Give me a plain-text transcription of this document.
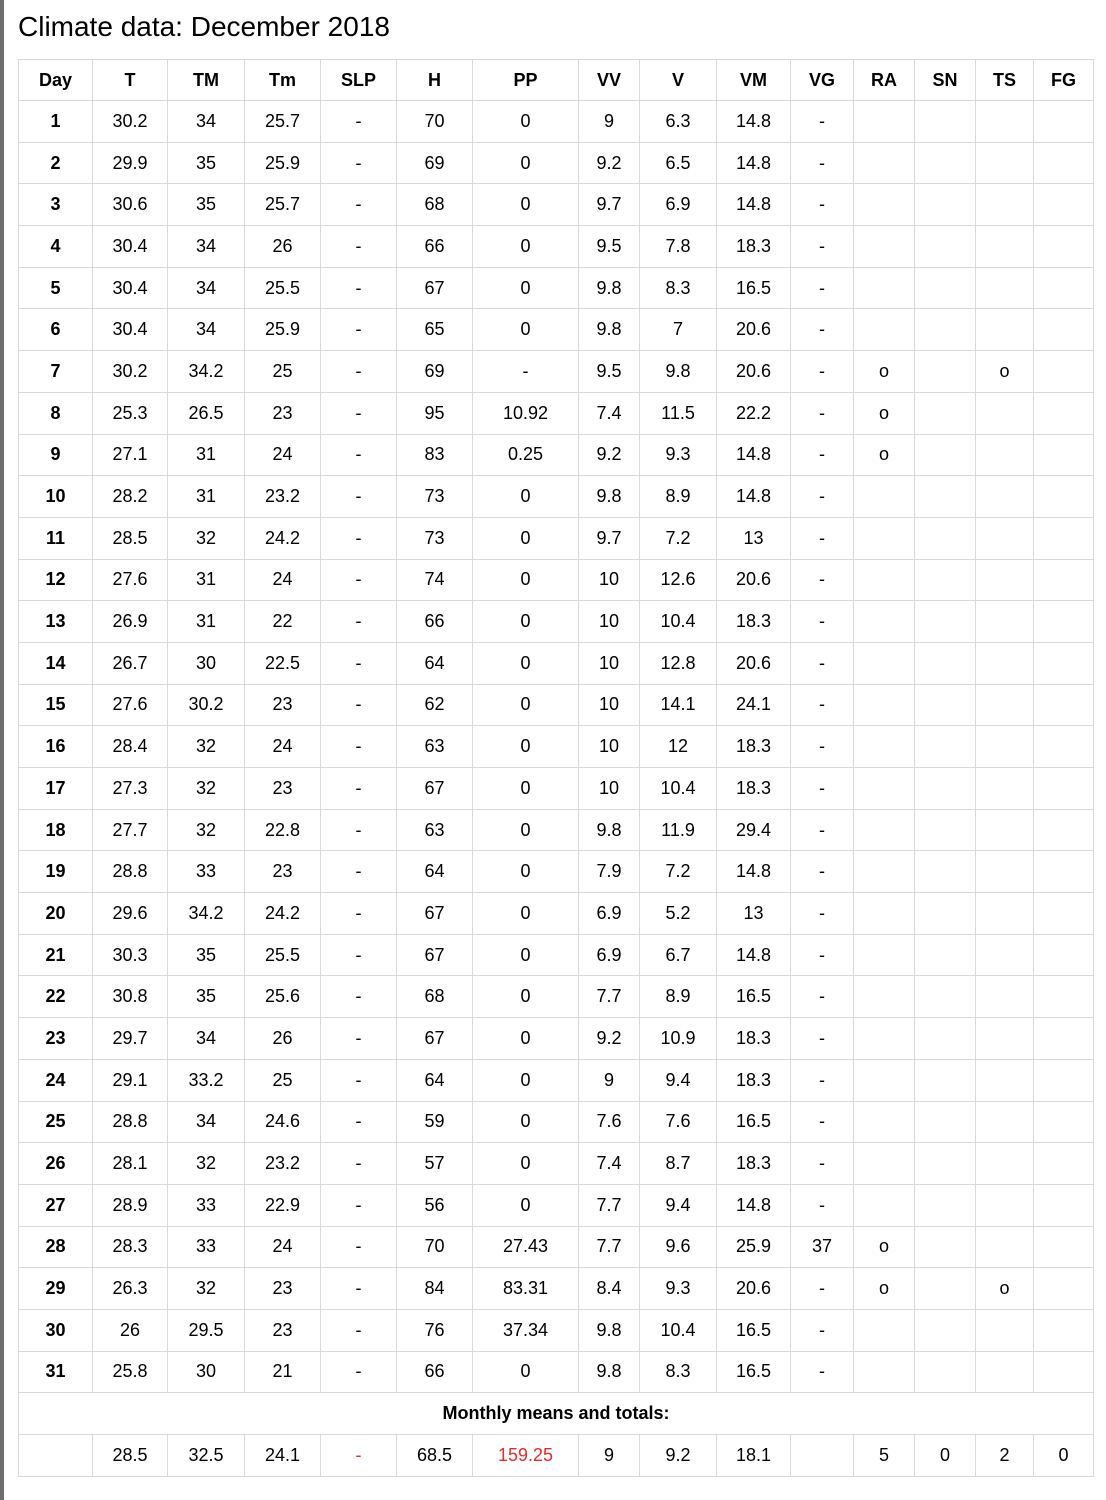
Climate data: December 2018
Day	T	TM	Tm	SLP	H	PP	VV	V	VM	VG	RA	SN	TS	FG
1	30.2	34	25.7	-	70	0	9	6.3	14.8	-				
2	29.9	35	25.9	-	69	0	9.2	6.5	14.8	-				
3	30.6	35	25.7	-	68	0	9.7	6.9	14.8	-				
4	30.4	34	26	-	66	0	9.5	7.8	18.3	-				
5	30.4	34	25.5	-	67	0	9.8	8.3	16.5	-				
6	30.4	34	25.9	-	65	0	9.8	7	20.6	-				
7	30.2	34.2	25	-	69	-	9.5	9.8	20.6	-	o		o	
8	25.3	26.5	23	-	95	10.92	7.4	11.5	22.2	-	o			
9	27.1	31	24	-	83	0.25	9.2	9.3	14.8	-	o			
10	28.2	31	23.2	-	73	0	9.8	8.9	14.8	-				
11	28.5	32	24.2	-	73	0	9.7	7.2	13	-				
12	27.6	31	24	-	74	0	10	12.6	20.6	-				
13	26.9	31	22	-	66	0	10	10.4	18.3	-				
14	26.7	30	22.5	-	64	0	10	12.8	20.6	-				
15	27.6	30.2	23	-	62	0	10	14.1	24.1	-				
16	28.4	32	24	-	63	0	10	12	18.3	-				
17	27.3	32	23	-	67	0	10	10.4	18.3	-				
18	27.7	32	22.8	-	63	0	9.8	11.9	29.4	-				
19	28.8	33	23	-	64	0	7.9	7.2	14.8	-				
20	29.6	34.2	24.2	-	67	0	6.9	5.2	13	-				
21	30.3	35	25.5	-	67	0	6.9	6.7	14.8	-				
22	30.8	35	25.6	-	68	0	7.7	8.9	16.5	-				
23	29.7	34	26	-	67	0	9.2	10.9	18.3	-				
24	29.1	33.2	25	-	64	0	9	9.4	18.3	-				
25	28.8	34	24.6	-	59	0	7.6	7.6	16.5	-				
26	28.1	32	23.2	-	57	0	7.4	8.7	18.3	-				
27	28.9	33	22.9	-	56	0	7.7	9.4	14.8	-				
28	28.3	33	24	-	70	27.43	7.7	9.6	25.9	37	o			
29	26.3	32	23	-	84	83.31	8.4	9.3	20.6	-	o		o	
30	26	29.5	23	-	76	37.34	9.8	10.4	16.5	-				
31	25.8	30	21	-	66	0	9.8	8.3	16.5	-				
Monthly means and totals:														
	28.5	32.5	24.1	-	68.5	159.25	9	9.2	18.1		5	0	2	0
